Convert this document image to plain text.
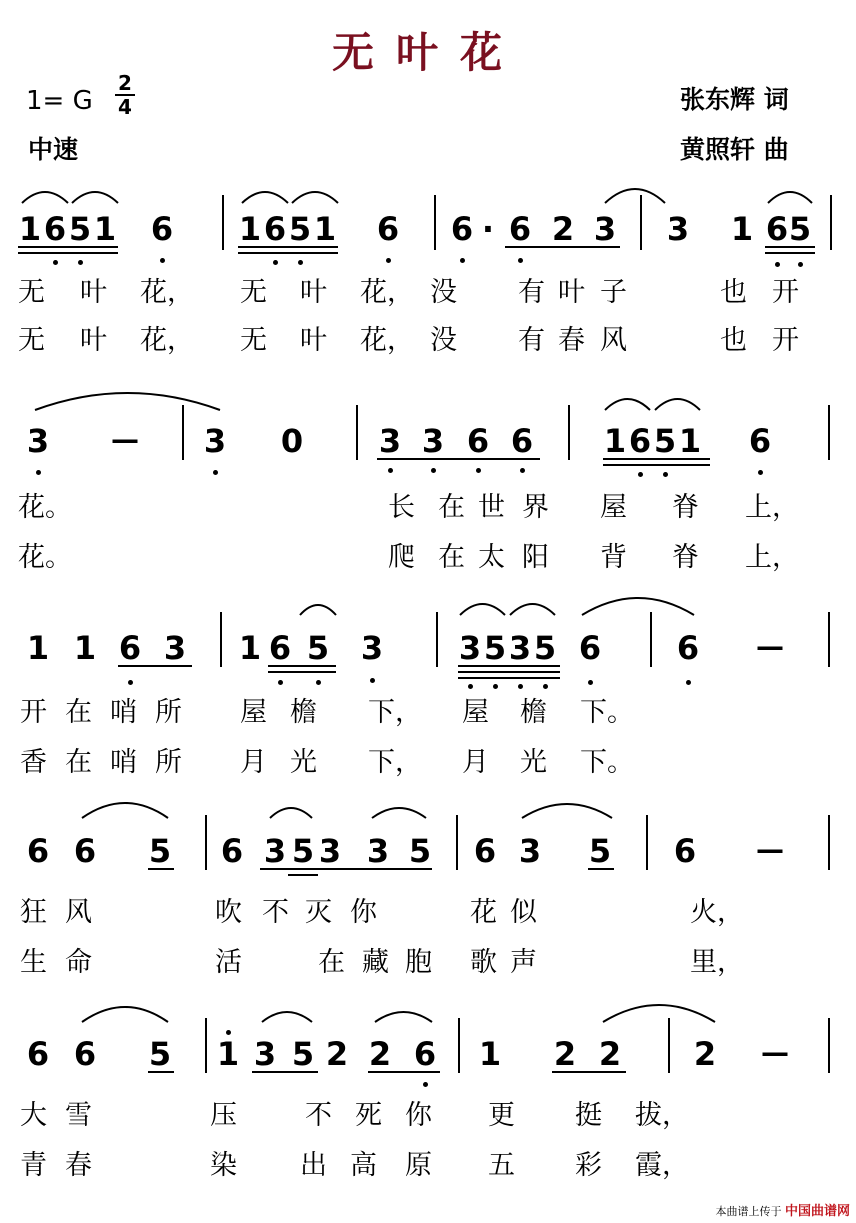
无叶花
1= G
2
4
中速
张东辉 词
黄照轩 曲
1 6 5 1 6 1 6 5 1 6 6 · 6 2 3 3 1 6 5
无 叶 花， 无 叶 花， 没 有 叶 子	也 开
无 叶 花， 无 叶 花， 没 有 春 风	也 开
3 — 3 0 3 3 6 6 1 6 5 1 6
花。	长 在 世 界 屋 脊 上，
花。	爬 在 太 阳 背 脊 上，
1 1 6 3 1 6 5 3 3 5 3 5 6 6 —
开 在 哨 所 屋 檐 下， 屋 檐 下。
香 在 哨 所 月 光 下， 月 光 下。
6 6 5 6 3 5 3 3 5 6 3 5 6 —
狂 风	吹 不 灭 你	花 似	火，
生 命	活	在 藏 胞 歌 声	里，
6 6 5 1 3 5 2 2 6 1 2 2 2 —
大 雪	压	不 死 你 更 挺 拔，
青 春	染 出 高 原 五 彩 霞，
本曲谱上传于 中国曲谱网
